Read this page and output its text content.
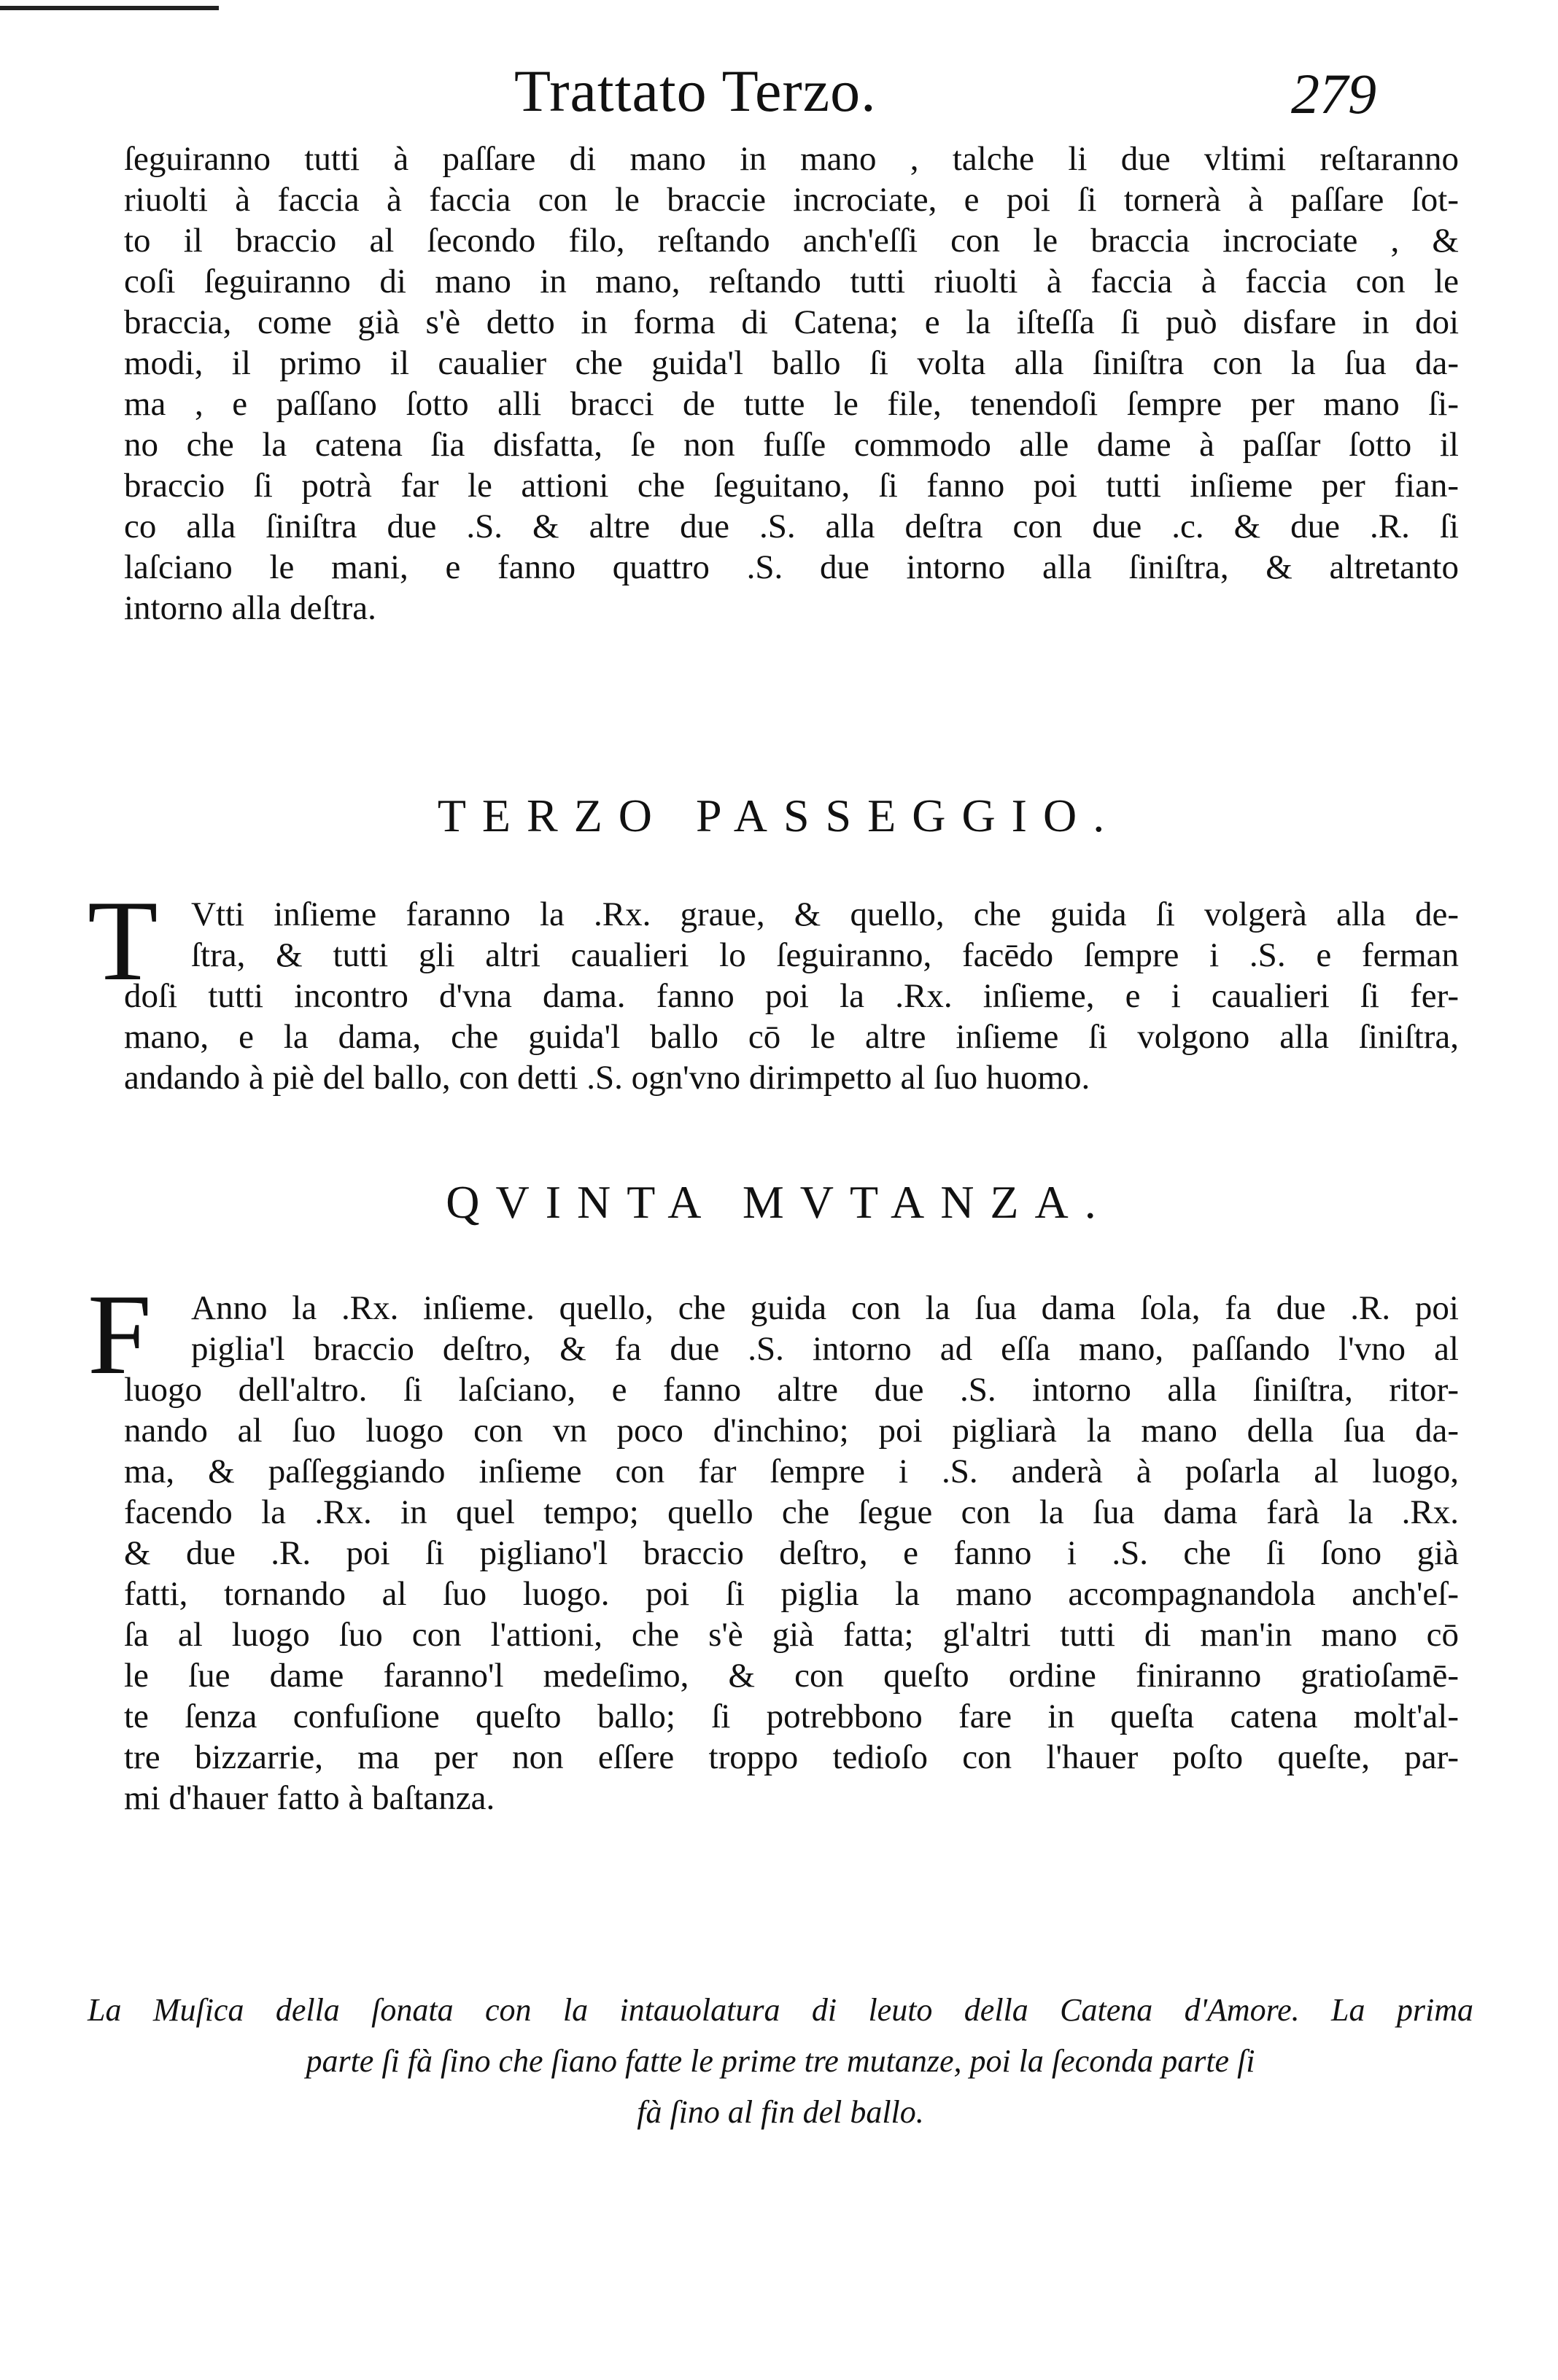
Trattato Terzo.	279
ſeguiranno tutti à paſſare di mano in mano , talche li due vltimi reſtaranno
riuolti à faccia à faccia con le braccie incrociate, e poi ſi tornerà à paſſare ſot-
to il braccio al ſecondo filo, reſtando anch'eſſi con le braccia incrociate , &
coſi ſeguiranno di mano in mano, reſtando tutti riuolti à faccia à faccia con le
braccia, come già s'è detto in forma di Catena; e la iſteſſa ſi può disfare in doi
modi, il primo il caualier che guida'l ballo ſi volta alla ſiniſtra con la ſua da-
ma , e paſſano ſotto alli bracci de tutte le file, tenendoſi ſempre per mano ſi-
no che la catena ſia disfatta, ſe non fuſſe commodo alle dame à paſſar ſotto il
braccio ſi potrà far le attioni che ſeguitano, ſi fanno poi tutti inſieme per fian-
co alla ſiniſtra due .S. & altre due .S. alla deſtra con due .c. & due .R. ſi
laſciano le mani, e fanno quattro .S. due intorno alla ſiniſtra, & altretanto
intorno alla deſtra.
TERZO PASSEGGIO.
T Vtti inſieme faranno la .Rx. graue, & quello, che guida ſi volgerà alla de-
ſtra, & tutti gli altri caualieri lo ſeguiranno, facēdo ſempre i .S. e ferman
doſi tutti incontro d'vna dama. fanno poi la .Rx. inſieme, e i caualieri ſi fer-
mano, e la dama, che guida'l ballo cō le altre inſieme ſi volgono alla ſiniſtra,
andando à piè del ballo, con detti .S. ogn'vno dirimpetto al ſuo huomo.
QVINTA MVTANZA.
F	Anno la .Rx. inſieme. quello, che guida con la ſua dama ſola, fa due .R. poi
piglia'l braccio deſtro, & fa due .S. intorno ad eſſa mano, paſſando l'vno al
luogo dell'altro. ſi laſciano, e fanno altre due .S. intorno alla ſiniſtra, ritor-
nando al ſuo luogo con vn poco d'inchino; poi pigliarà la mano della ſua da-
ma, & paſſeggiando inſieme con far ſempre i .S. anderà à poſarla al luogo,
facendo la .Rx. in quel tempo; quello che ſegue con la ſua dama farà la .Rx.
& due .R. poi ſi pigliano'l braccio deſtro, e fanno i .S. che ſi ſono già
fatti, tornando al ſuo luogo. poi ſi piglia la mano accompagnandola anch'eſ-
ſa al luogo ſuo con l'attioni, che s'è già fatta; gl'altri tutti di man'in mano cō
le ſue dame faranno'l medeſimo, & con queſto ordine finiranno gratioſamē-
te ſenza confuſione queſto ballo; ſi potrebbono fare in queſta catena molt'al-
tre bizzarrie, ma per non eſſere troppo tedioſo con l'hauer poſto queſte, par-
mi d'hauer fatto à baſtanza.
La Muſica della ſonata con la intauolatura di leuto della Catena d'Amore. La prima
parte ſi fà ſino che ſiano fatte le prime tre mutanze, poi la ſeconda parte ſi
fà ſino al fin del ballo.
